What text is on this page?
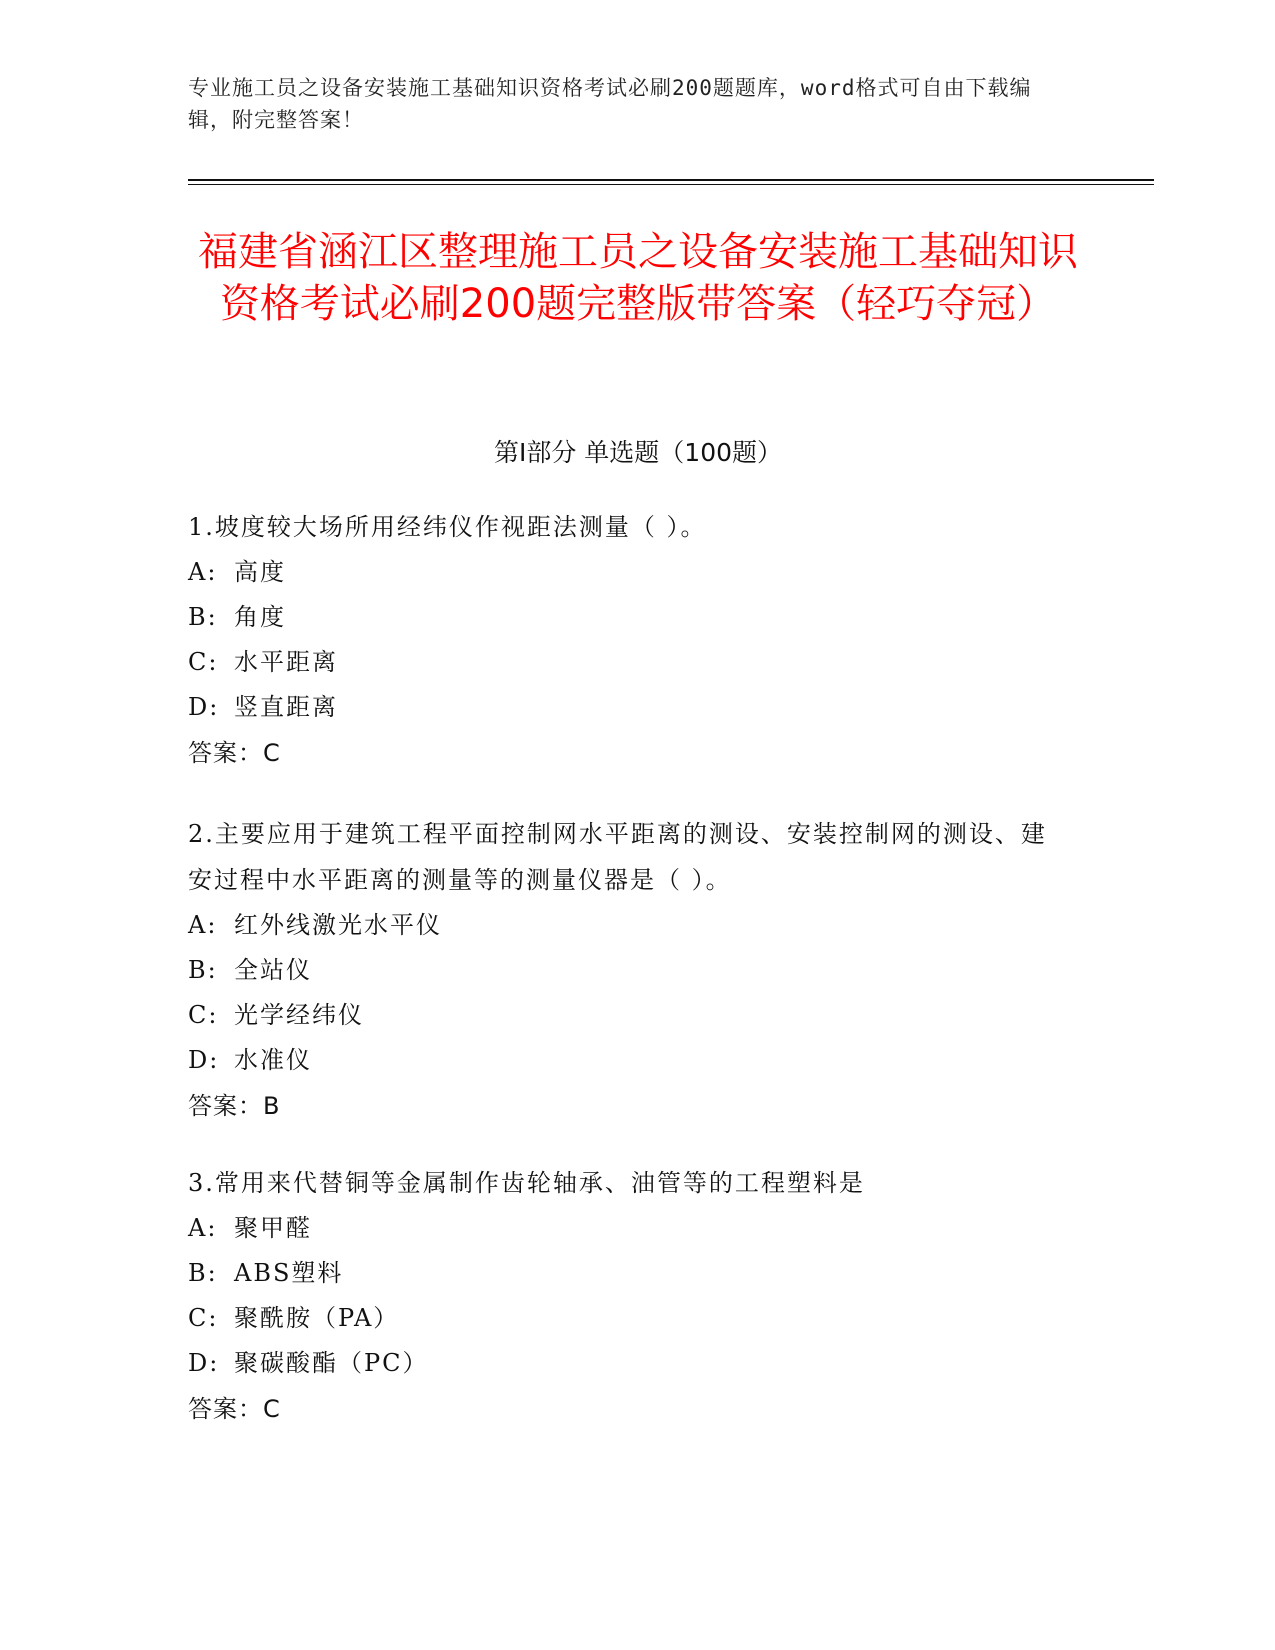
专业施工员之设备安装施工基础知识资格考试必刷200题题库，word格式可自由下载编辑，附完整答案！
福建省涵江区整理施工员之设备安装施工基础知识资格考试必刷200题完整版带答案（轻巧夺冠）
第Ⅰ部分 单选题（100题）

1.坡度较大场所用经纬仪作视距法测量（ ）。

A: 高度
B: 角度
C: 水平距离
D: 竖直距离
答案：C

2.主要应用于建筑工程平面控制网水平距离的测设、安装控制网的测设、建安过程中水平距离的测量等的测量仪器是（ ）。

A: 红外线激光水平仪
B: 全站仪
C: 光学经纬仪
D: 水准仪
答案：B

3.常用来代替铜等金属制作齿轮轴承、油管等的工程塑料是

A: 聚甲醛
B: ABS塑料
C: 聚酰胺（PA）
D: 聚碳酸酯（PC）
答案：C
